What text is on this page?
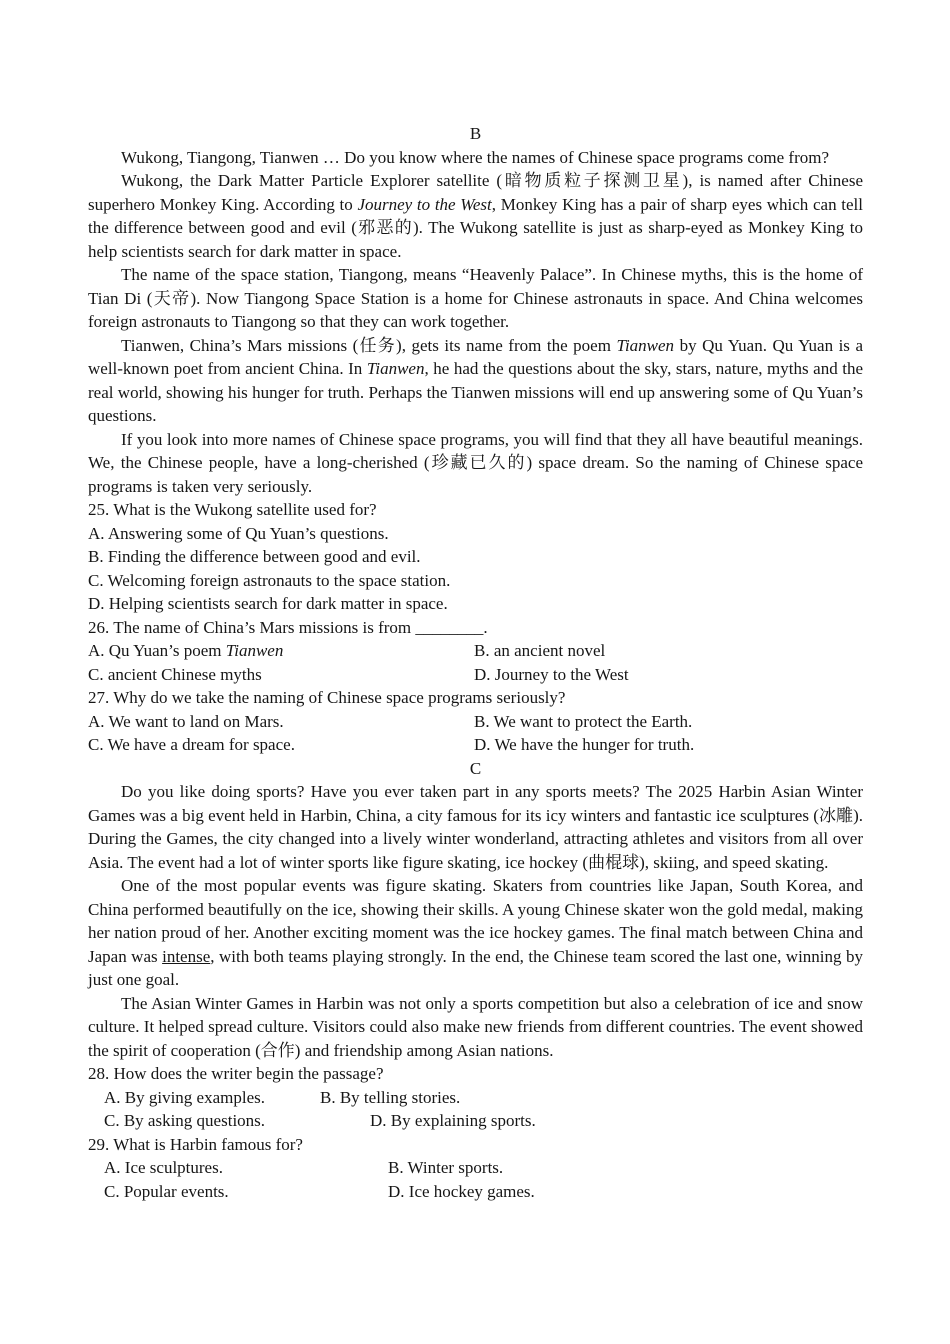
B

Wukong, Tiangong, Tianwen … Do you know where the names of Chinese space programs come from?

Wukong, the Dark Matter Particle Explorer satellite (暗物质粒子探测卫星), is named after Chinese superhero Monkey King. According to Journey to the West, Monkey King has a pair of sharp eyes which can tell the difference between good and evil (邪恶的). The Wukong satellite is just as sharp-eyed as Monkey King to help scientists search for dark matter in space.

The name of the space station, Tiangong, means “Heavenly Palace”. In Chinese myths, this is the home of Tian Di (天帝). Now Tiangong Space Station is a home for Chinese astronauts in space. And China welcomes foreign astronauts to Tiangong so that they can work together.

Tianwen, China’s Mars missions (任务), gets its name from the poem Tianwen by Qu Yuan. Qu Yuan is a well-known poet from ancient China. In Tianwen, he had the questions about the sky, stars, nature, myths and the real world, showing his hunger for truth. Perhaps the Tianwen missions will end up answering some of Qu Yuan’s questions.

If you look into more names of Chinese space programs, you will find that they all have beautiful meanings. We, the Chinese people, have a long-cherished (珍藏已久的) space dream. So the naming of Chinese space programs is taken very seriously.

25. What is the Wukong satellite used for?
A. Answering some of Qu Yuan’s questions.
B. Finding the difference between good and evil.
C. Welcoming foreign astronauts to the space station.
D. Helping scientists search for dark matter in space.
26. The name of China’s Mars missions is from ________.
A. Qu Yuan’s poem Tianwen	B. an ancient novel
C. ancient Chinese myths	D. Journey to the West
27. Why do we take the naming of Chinese space programs seriously?
A. We want to land on Mars.	B. We want to protect the Earth.
C. We have a dream for space.	D. We have the hunger for truth.
C

Do you like doing sports? Have you ever taken part in any sports meets? The 2025 Harbin Asian Winter Games was a big event held in Harbin, China, a city famous for its icy winters and fantastic ice sculptures (冰雕). During the Games, the city changed into a lively winter wonderland, attracting athletes and visitors from all over Asia. The event had a lot of winter sports like figure skating, ice hockey (曲棍球), skiing, and speed skating.

One of the most popular events was figure skating. Skaters from countries like Japan, South Korea, and China performed beautifully on the ice, showing their skills. A young Chinese skater won the gold medal, making her nation proud of her. Another exciting moment was the ice hockey games. The final match between China and Japan was intense, with both teams playing strongly. In the end, the Chinese team scored the last one, winning by just one goal.

The Asian Winter Games in Harbin was not only a sports competition but also a celebration of ice and snow culture. It helped spread culture. Visitors could also make new friends from different countries. The event showed the spirit of cooperation (合作) and friendship among Asian nations.

28. How does the writer begin the passage?
A. By giving examples.	B. By telling stories.
C. By asking questions.	D. By explaining sports.
29. What is Harbin famous for?
A. Ice sculptures.	B. Winter sports.
C. Popular events.	D. Ice hockey games.
